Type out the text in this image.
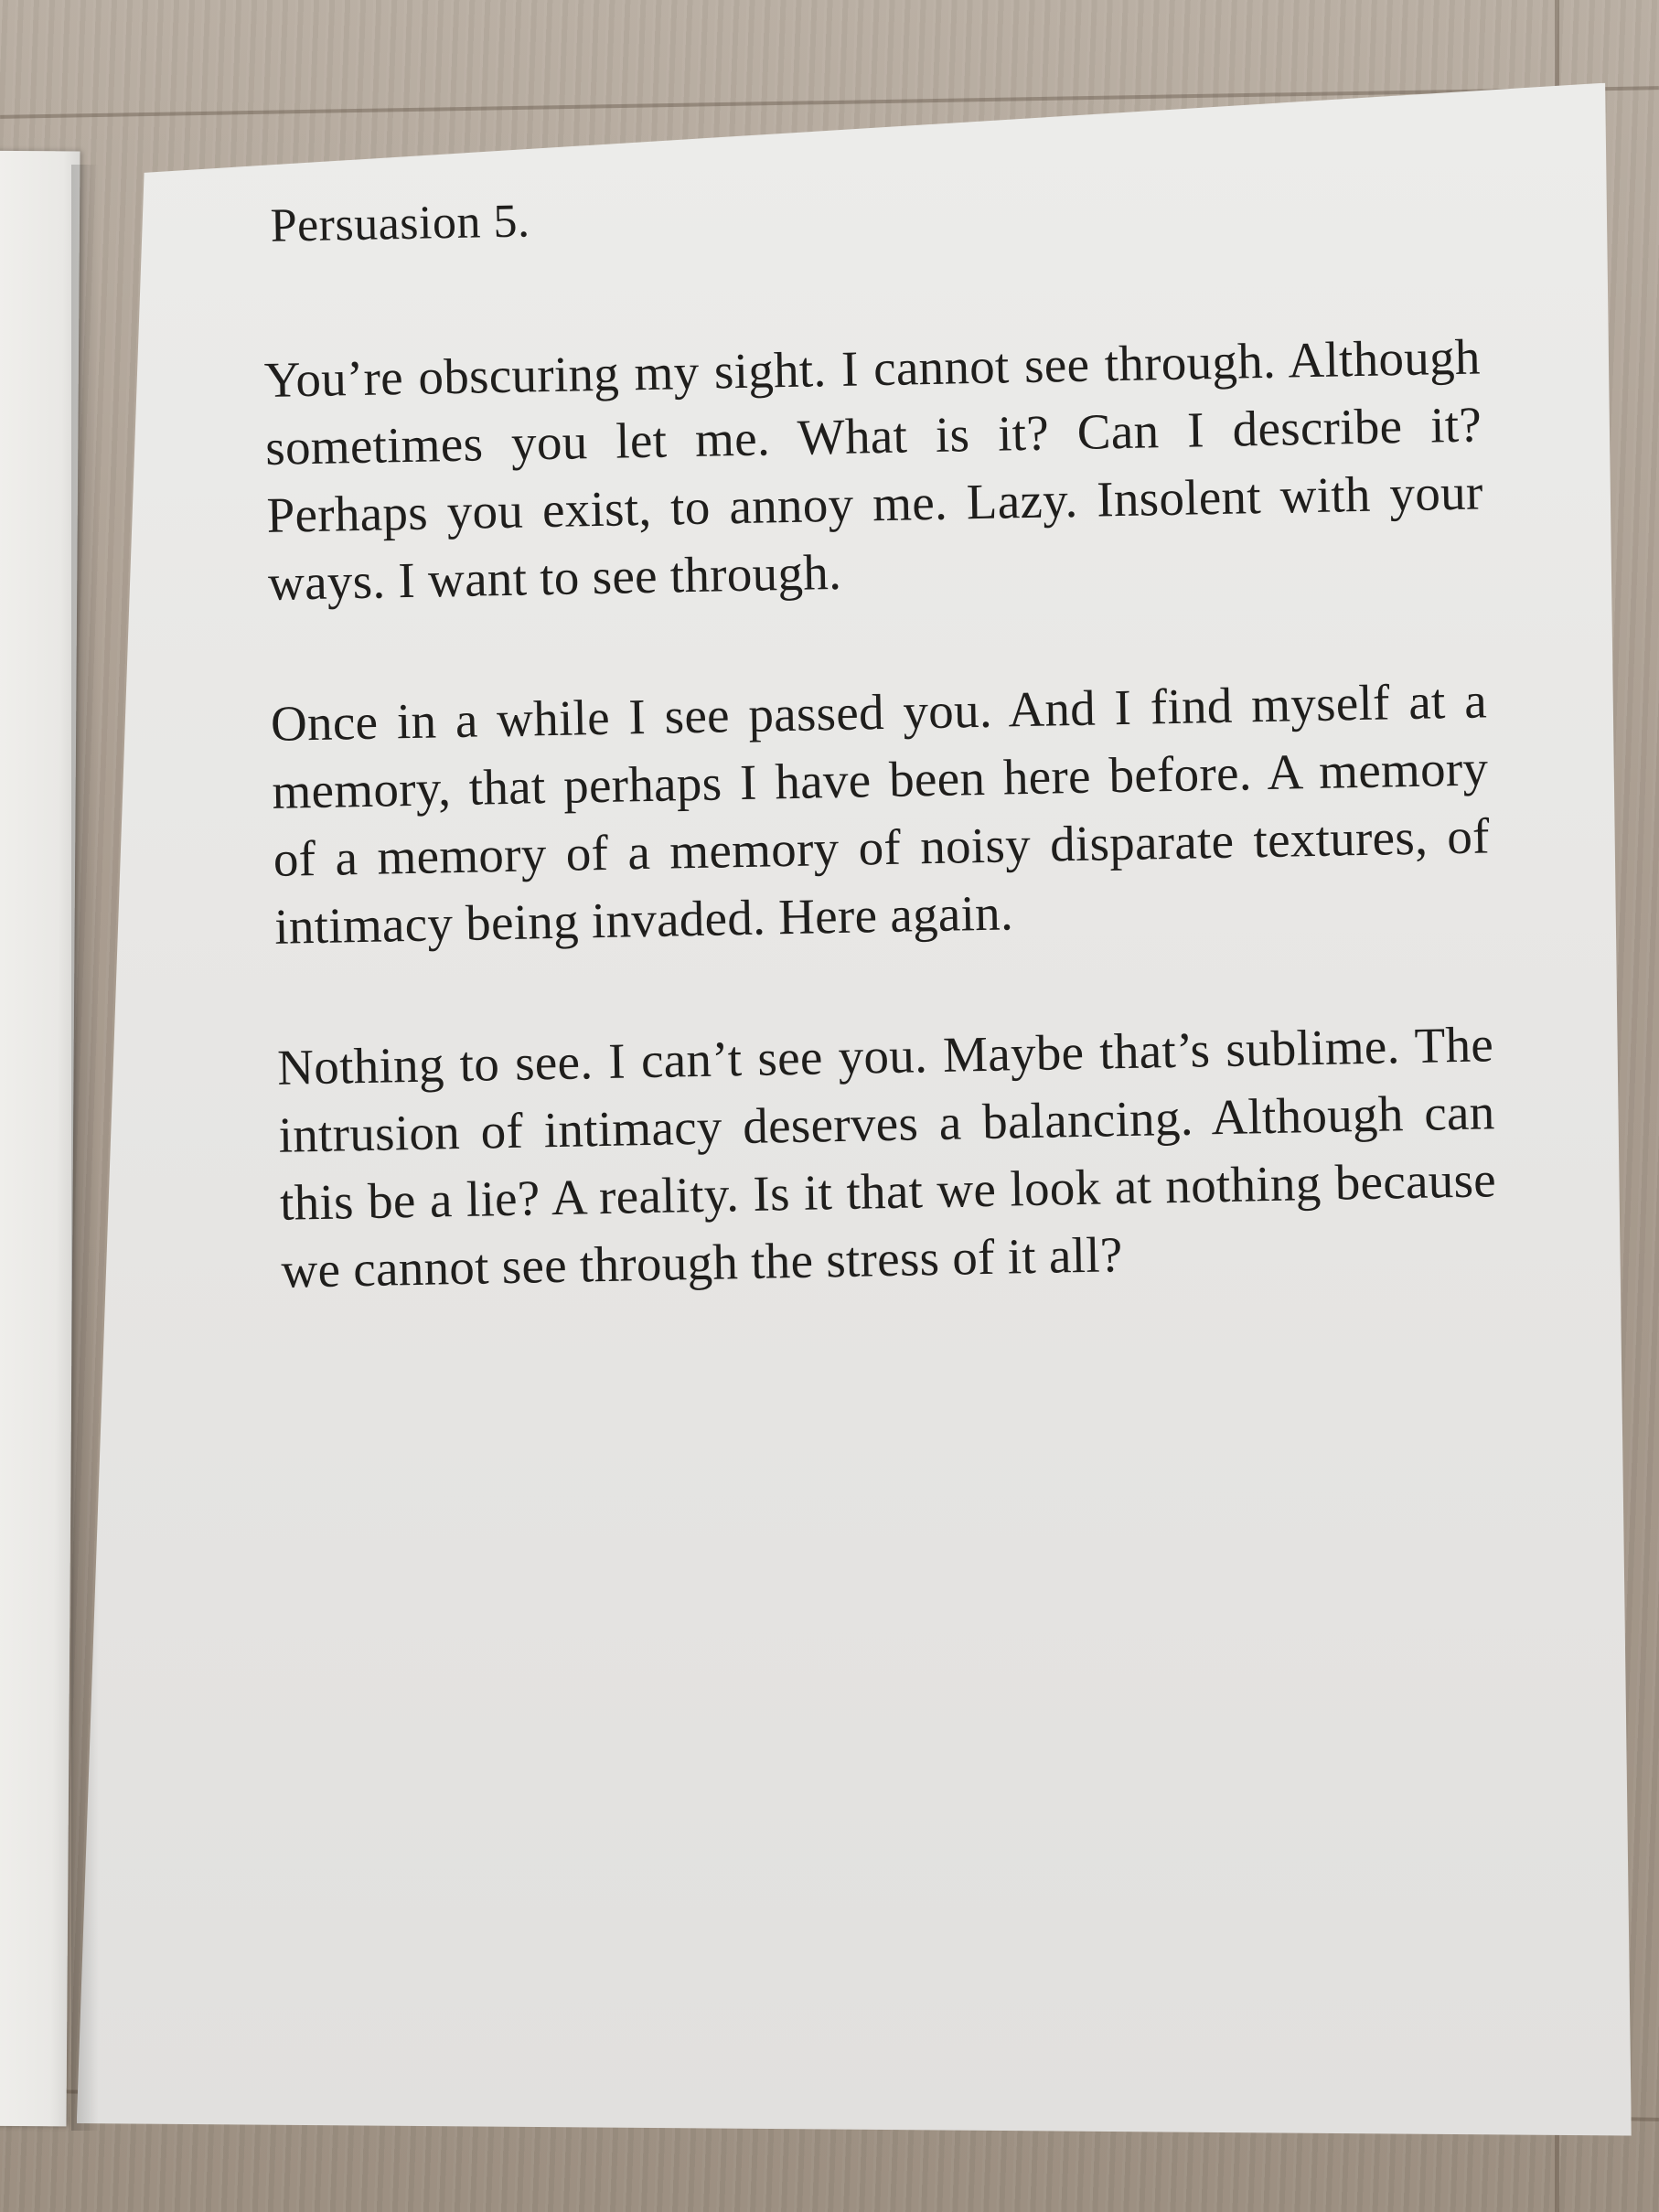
Persuasion 5.

You’re obscuring my sight. I cannot see through. Although sometimes you let me. What is it? Can I describe it? Perhaps you exist, to annoy me. Lazy. Insolent with your ways. I want to see through.

Once in a while I see passed you. And I find myself at a memory, that perhaps I have been here before. A memory of a memory of a memory of noisy disparate textures, of intimacy being invaded. Here again.

Nothing to see. I can’t see you. Maybe that’s sublime. The intrusion of intimacy deserves a balancing. Although can this be a lie? A reality. Is it that we look at nothing because we cannot see through the stress of it all?
